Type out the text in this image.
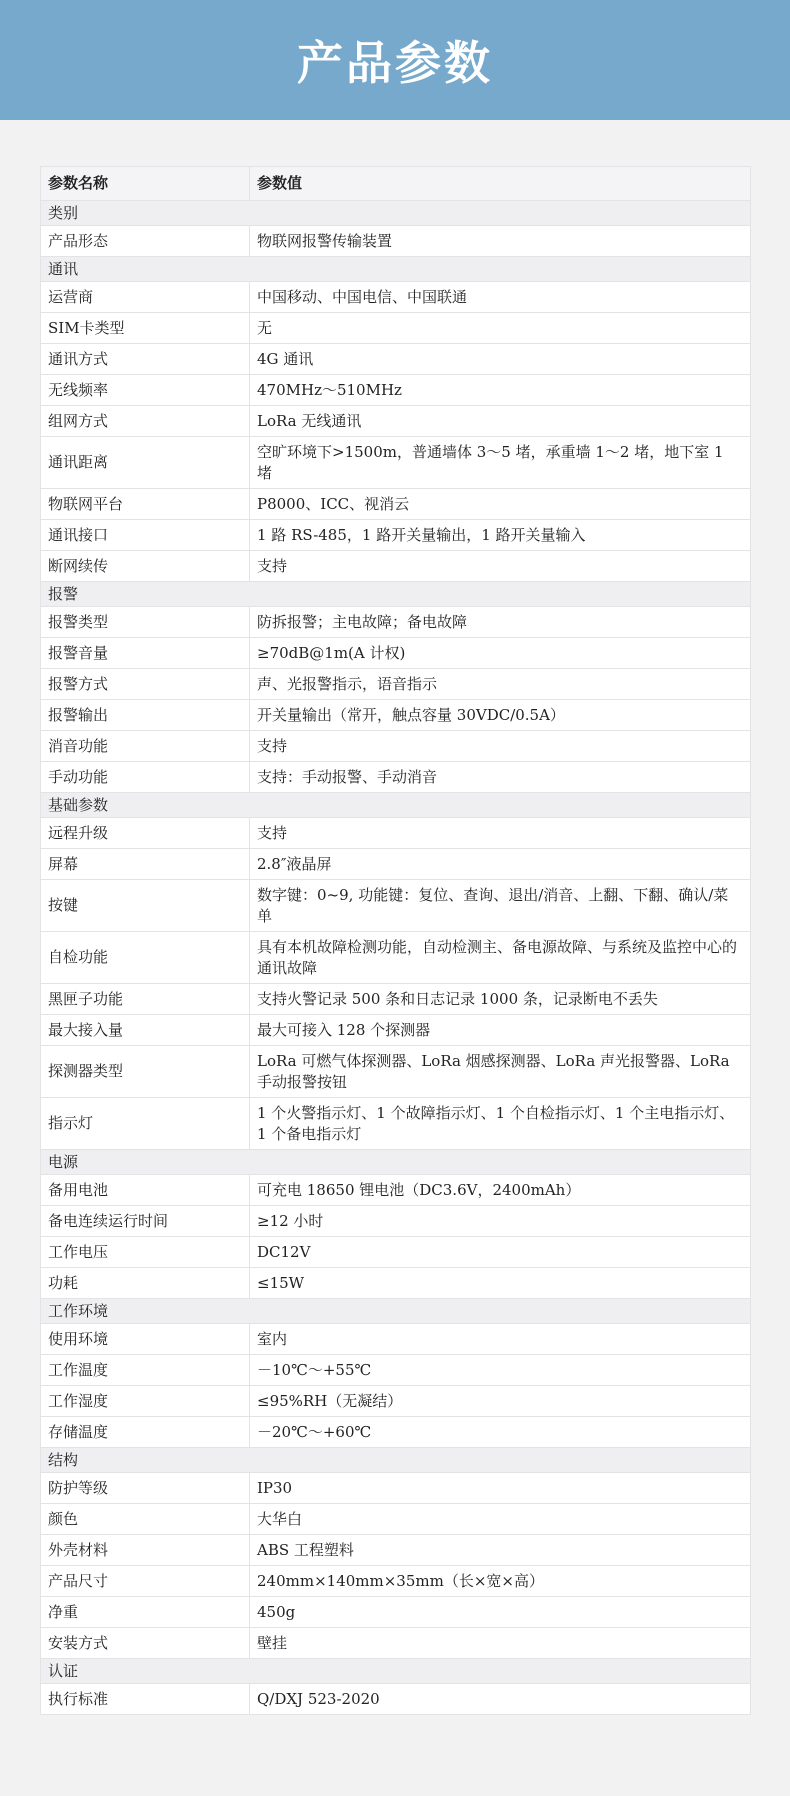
产品参数
参数名称	参数值
类别	
产品形态	物联网报警传输装置
通讯	
运营商	中国移动、中国电信、中国联通
SIM卡类型	无
通讯方式	4G 通讯
无线频率	470MHz～510MHz
组网方式	LoRa 无线通讯
通讯距离	空旷环境下>1500m，普通墙体 3～5 堵，承重墙 1～2 堵，地下室 1 堵
物联网平台	P8000、ICC、视消云
通讯接口	1 路 RS-485，1 路开关量输出，1 路开关量输入
断网续传	支持
报警	
报警类型	防拆报警；主电故障；备电故障
报警音量	≥70dB@1m(A 计权)
报警方式	声、光报警指示，语音指示
报警输出	开关量输出（常开，触点容量 30VDC/0.5A）
消音功能	支持
手动功能	支持：手动报警、手动消音
基础参数	
远程升级	支持
屏幕	2.8″液晶屏
按键	数字键：0~9, 功能键：复位、查询、退出/消音、上翻、下翻、确认/菜单
自检功能	具有本机故障检测功能，自动检测主、备电源故障、与系统及监控中心的通讯故障
黑匣子功能	支持火警记录 500 条和日志记录 1000 条，记录断电不丢失
最大接入量	最大可接入 128 个探测器
探测器类型	LoRa 可燃气体探测器、LoRa 烟感探测器、LoRa 声光报警器、LoRa 手动报警按钮
指示灯	1 个火警指示灯、1 个故障指示灯、1 个自检指示灯、1 个主电指示灯、1 个备电指示灯
电源	
备用电池	可充电 18650 锂电池（DC3.6V，2400mAh）
备电连续运行时间	≥12 小时
工作电压	DC12V
功耗	≤15W
工作环境	
使用环境	室内
工作温度	－10℃～+55℃
工作湿度	≤95%RH（无凝结）
存储温度	－20℃～+60℃
结构	
防护等级	IP30
颜色	大华白
外壳材料	ABS 工程塑料
产品尺寸	240mm×140mm×35mm（长×宽×高）
净重	450g
安装方式	壁挂
认证	
执行标准	Q/DXJ 523-2020
